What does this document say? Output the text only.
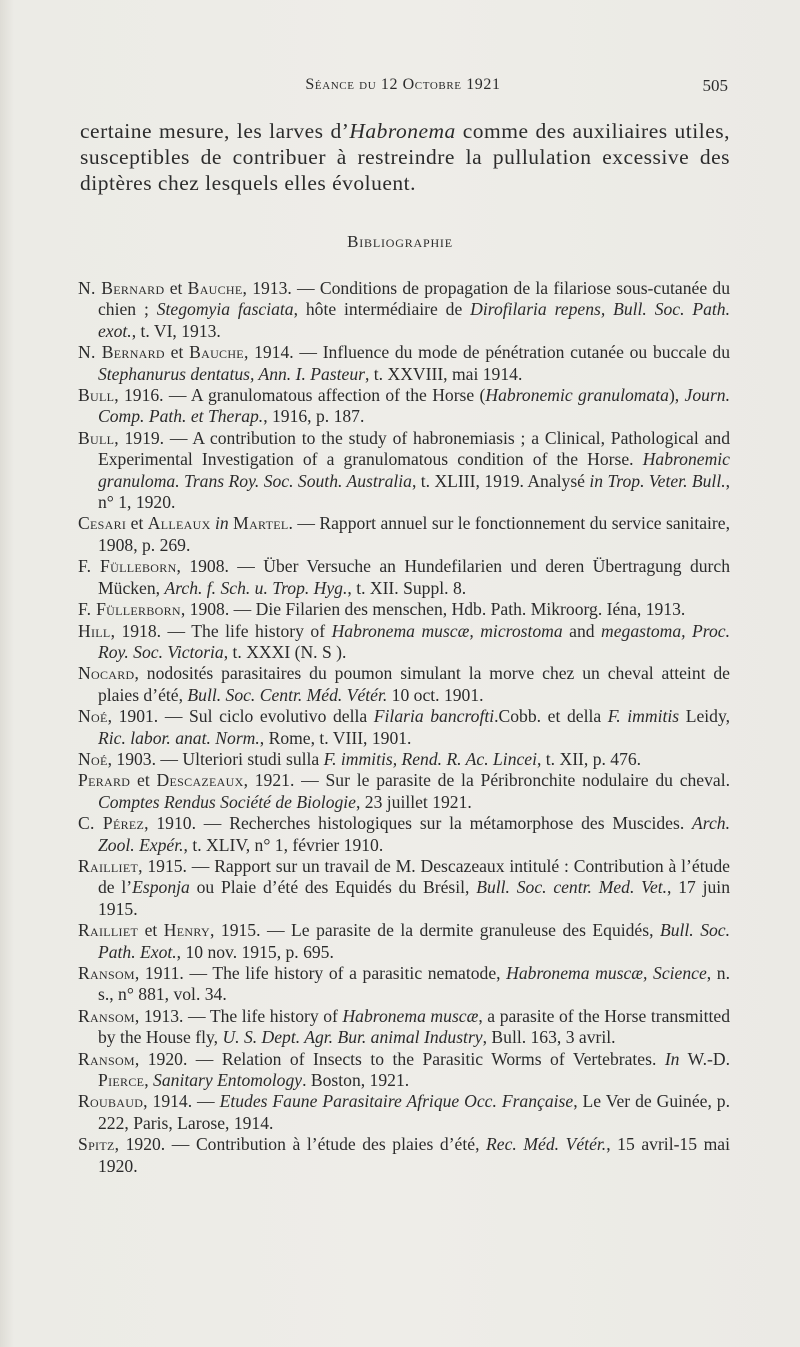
Séance du 12 Octobre 1921	505

certaine mesure, les larves d’Habronema comme des auxiliaires utiles, susceptibles de contribuer à restreindre la pullulation excessive des diptères chez lesquels elles évoluent.

Bibliographie

N. Bernard et Bauche, 1913. — Conditions de propagation de la filariose sous-cutanée du chien ; Stegomyia fasciata, hôte intermédiaire de Dirofilaria repens, Bull. Soc. Path. exot., t. VI, 1913.

N. Bernard et Bauche, 1914. — Influence du mode de pénétration cutanée ou buccale du Stephanurus dentatus, Ann. I. Pasteur, t. XXVIII, mai 1914.

Bull, 1916. — A granulomatous affection of the Horse (Habronemic granulomata), Journ. Comp. Path. et Therap., 1916, p. 187.

Bull, 1919. — A contribution to the study of habronemiasis ; a Clinical, Pathological and Experimental Investigation of a granulomatous condition of the Horse. Habronemic granuloma. Trans Roy. Soc. South. Australia, t. XLIII, 1919. Analysé in Trop. Veter. Bull., n° 1, 1920.

Cesari et Alleaux in Martel. — Rapport annuel sur le fonctionnement du service sanitaire, 1908, p. 269.

F. Fülleborn, 1908. — Über Versuche an Hundefilarien und deren Übertragung durch Mücken, Arch. f. Sch. u. Trop. Hyg., t. XII. Suppl. 8.

F. Füllerborn, 1908. — Die Filarien des menschen, Hdb. Path. Mikroorg. Iéna, 1913.

Hill, 1918. — The life history of Habronema muscæ, microstoma and megastoma, Proc. Roy. Soc. Victoria, t. XXXI (N. S ).

Nocard, nodosités parasitaires du poumon simulant la morve chez un cheval atteint de plaies d’été, Bull. Soc. Centr. Méd. Vétér. 10 oct. 1901.

Noé, 1901. — Sul ciclo evolutivo della Filaria bancrofti.Cobb. et della F. immitis Leidy, Ric. labor. anat. Norm., Rome, t. VIII, 1901.

Noé, 1903. — Ulteriori studi sulla F. immitis, Rend. R. Ac. Lincei, t. XII, p. 476.

Perard et Descazeaux, 1921. — Sur le parasite de la Péribronchite nodulaire du cheval. Comptes Rendus Société de Biologie, 23 juillet 1921.

C. Pérez, 1910. — Recherches histologiques sur la métamorphose des Muscides. Arch. Zool. Expér., t. XLIV, n° 1, février 1910.

Railliet, 1915. — Rapport sur un travail de M. Descazeaux intitulé : Contribution à l’étude de l’Esponja ou Plaie d’été des Equidés du Brésil, Bull. Soc. centr. Med. Vet., 17 juin 1915.

Railliet et Henry, 1915. — Le parasite de la dermite granuleuse des Equidés, Bull. Soc. Path. Exot., 10 nov. 1915, p. 695.

Ransom, 1911. — The life history of a parasitic nematode, Habronema muscæ, Science, n. s., n° 881, vol. 34.

Ransom, 1913. — The life history of Habronema muscæ, a parasite of the Horse transmitted by the House fly, U. S. Dept. Agr. Bur. animal Industry, Bull. 163, 3 avril.

Ransom, 1920. — Relation of Insects to the Parasitic Worms of Vertebrates. In W.-D. Pierce, Sanitary Entomology. Boston, 1921.

Roubaud, 1914. — Etudes Faune Parasitaire Afrique Occ. Française, Le Ver de Guinée, p. 222, Paris, Larose, 1914.

Spitz, 1920. — Contribution à l’étude des plaies d’été, Rec. Méd. Vétér., 15 avril-15 mai 1920.
